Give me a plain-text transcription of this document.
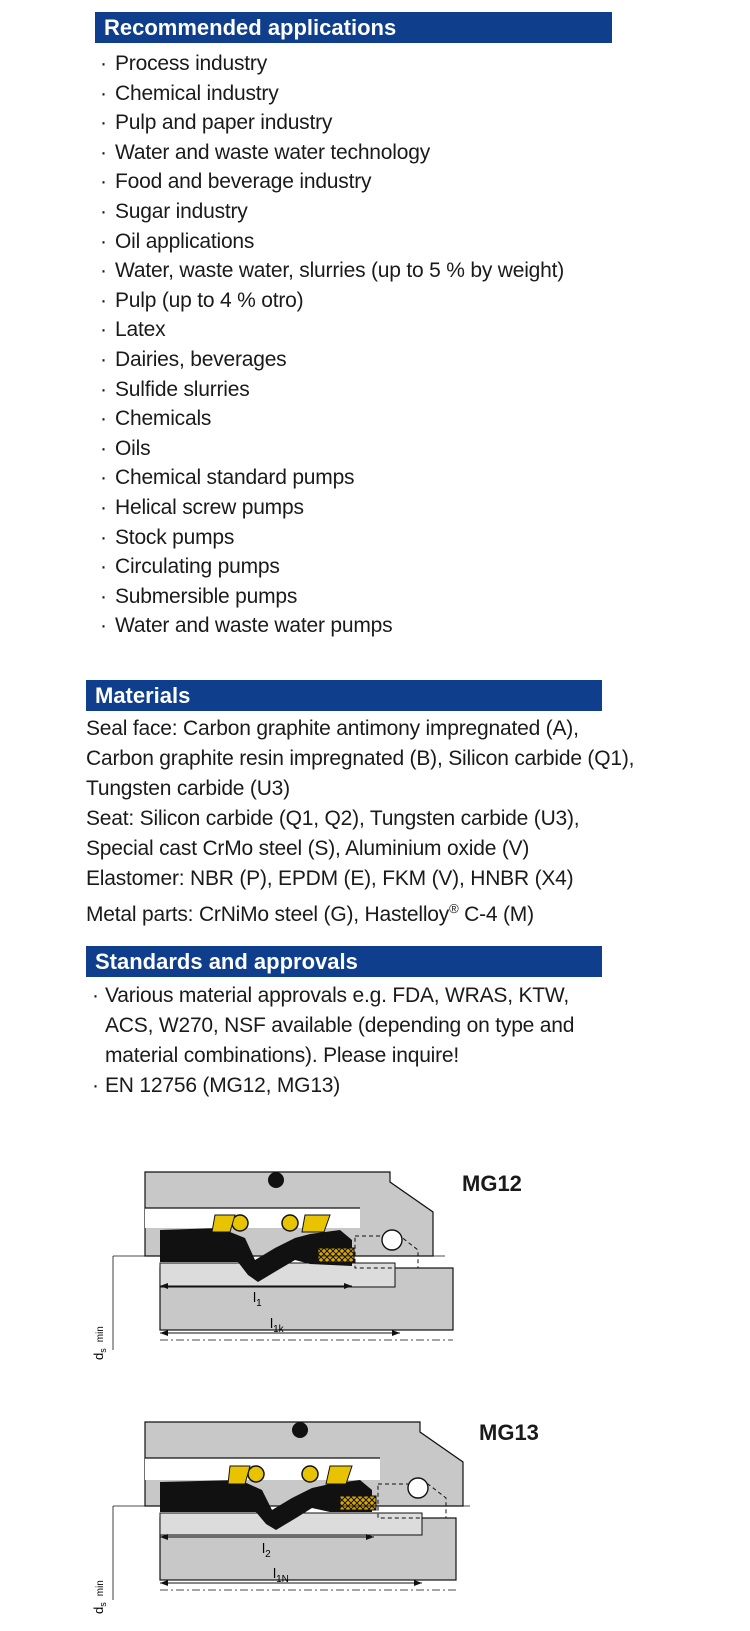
Recommended applications
· Process industry
· Chemical industry
· Pulp and paper industry
· Water and waste water technology
· Food and beverage industry
· Sugar industry
· Oil applications
· Water, waste water, slurries (up to 5 % by weight)
· Pulp (up to 4 % otro)
· Latex
· Dairies, beverages
· Sulfide slurries
· Chemicals
· Oils
· Chemical standard pumps
· Helical screw pumps
· Stock pumps
· Circulating pumps
· Submersible pumps
· Water and waste water pumps
Materials
Seal face: Carbon graphite antimony impregnated (A),
Carbon graphite resin impregnated (B), Silicon carbide (Q1),
Tungsten carbide (U3)
Seat: Silicon carbide (Q1, Q2), Tungsten carbide (U3),
Special cast CrMo steel (S), Aluminium oxide (V)
Elastomer: NBR (P), EPDM (E), FKM (V), HNBR (X4)
Metal parts: CrNiMo steel (G), Hastelloy® C-4 (M)
Standards and approvals
· Various material approvals e.g. FDA, WRAS, KTW, ACS, W270, NSF available (depending on type and material combinations). Please inquire!
· EN 12756 (MG12, MG13)
$l_1$
$l_{1k}$
$d_s^{min}$
$l_2$
$l_{1N}$
$d_s^{min}$
MG12
MG13
